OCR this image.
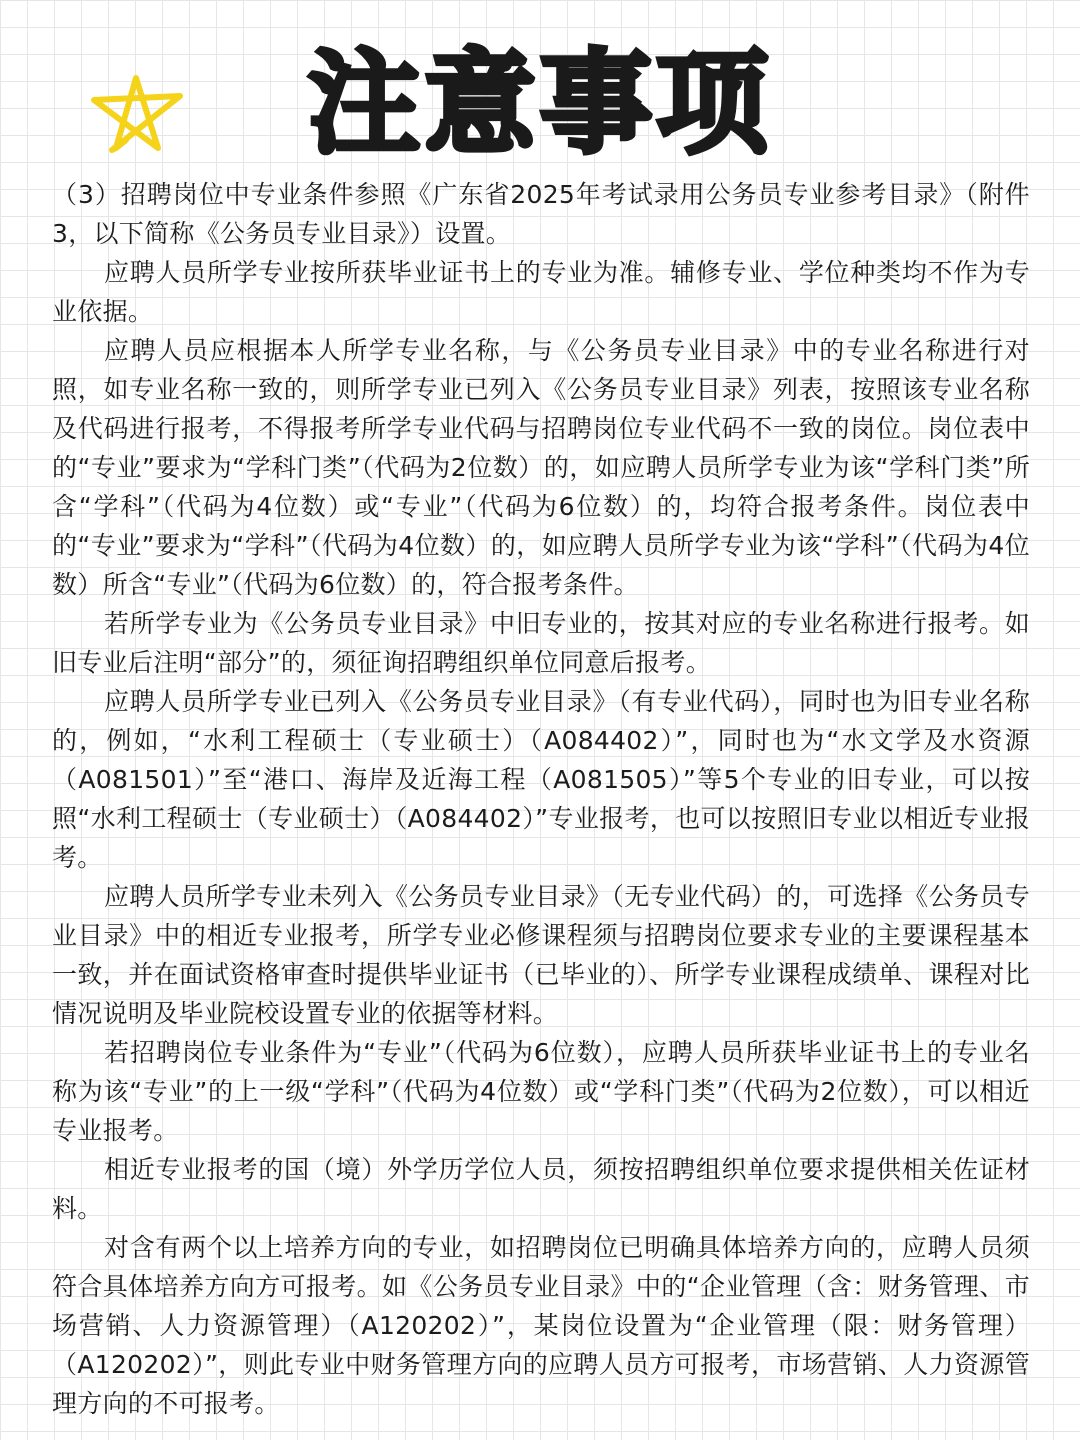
注意事项

（3）招聘岗位中专业条件参照《广东省2025年考试录用公务员专业参考目录》（附件3，以下简称《公务员专业目录》）设置。

应聘人员所学专业按所获毕业证书上的专业为准。辅修专业、学位种类均不作为专业依据。

应聘人员应根据本人所学专业名称，与《公务员专业目录》中的专业名称进行对照，如专业名称一致的，则所学专业已列入《公务员专业目录》列表，按照该专业名称及代码进行报考，不得报考所学专业代码与招聘岗位专业代码不一致的岗位。岗位表中的“专业”要求为“学科门类”（代码为2位数）的，如应聘人员所学专业为该“学科门类”所含“学科”（代码为4位数）或“专业”（代码为6位数）的，均符合报考条件。岗位表中的“专业”要求为“学科”（代码为4位数）的，如应聘人员所学专业为该“学科”（代码为4位数）所含“专业”（代码为6位数）的，符合报考条件。

若所学专业为《公务员专业目录》中旧专业的，按其对应的专业名称进行报考。如旧专业后注明“部分”的，须征询招聘组织单位同意后报考。

应聘人员所学专业已列入《公务员专业目录》（有专业代码），同时也为旧专业名称的，例如，“水利工程硕士（专业硕士）（A084402）”，同时也为“水文学及水资源（A081501）”至“港口、海岸及近海工程（A081505）”等5个专业的旧专业，可以按照“水利工程硕士（专业硕士）（A084402）”专业报考，也可以按照旧专业以相近专业报考。

应聘人员所学专业未列入《公务员专业目录》（无专业代码）的，可选择《公务员专业目录》中的相近专业报考，所学专业必修课程须与招聘岗位要求专业的主要课程基本一致，并在面试资格审查时提供毕业证书（已毕业的）、所学专业课程成绩单、课程对比情况说明及毕业院校设置专业的依据等材料。

若招聘岗位专业条件为“专业”（代码为6位数），应聘人员所获毕业证书上的专业名称为该“专业”的上一级“学科”（代码为4位数）或“学科门类”（代码为2位数），可以相近专业报考。

相近专业报考的国（境）外学历学位人员，须按招聘组织单位要求提供相关佐证材料。

对含有两个以上培养方向的专业，如招聘岗位已明确具体培养方向的，应聘人员须符合具体培养方向方可报考。如《公务员专业目录》中的“企业管理（含：财务管理、市场营销、人力资源管理）（A120202）”，某岗位设置为“企业管理（限：财务管理）（A120202）”，则此专业中财务管理方向的应聘人员方可报考，市场营销、人力资源管理方向的不可报考。
